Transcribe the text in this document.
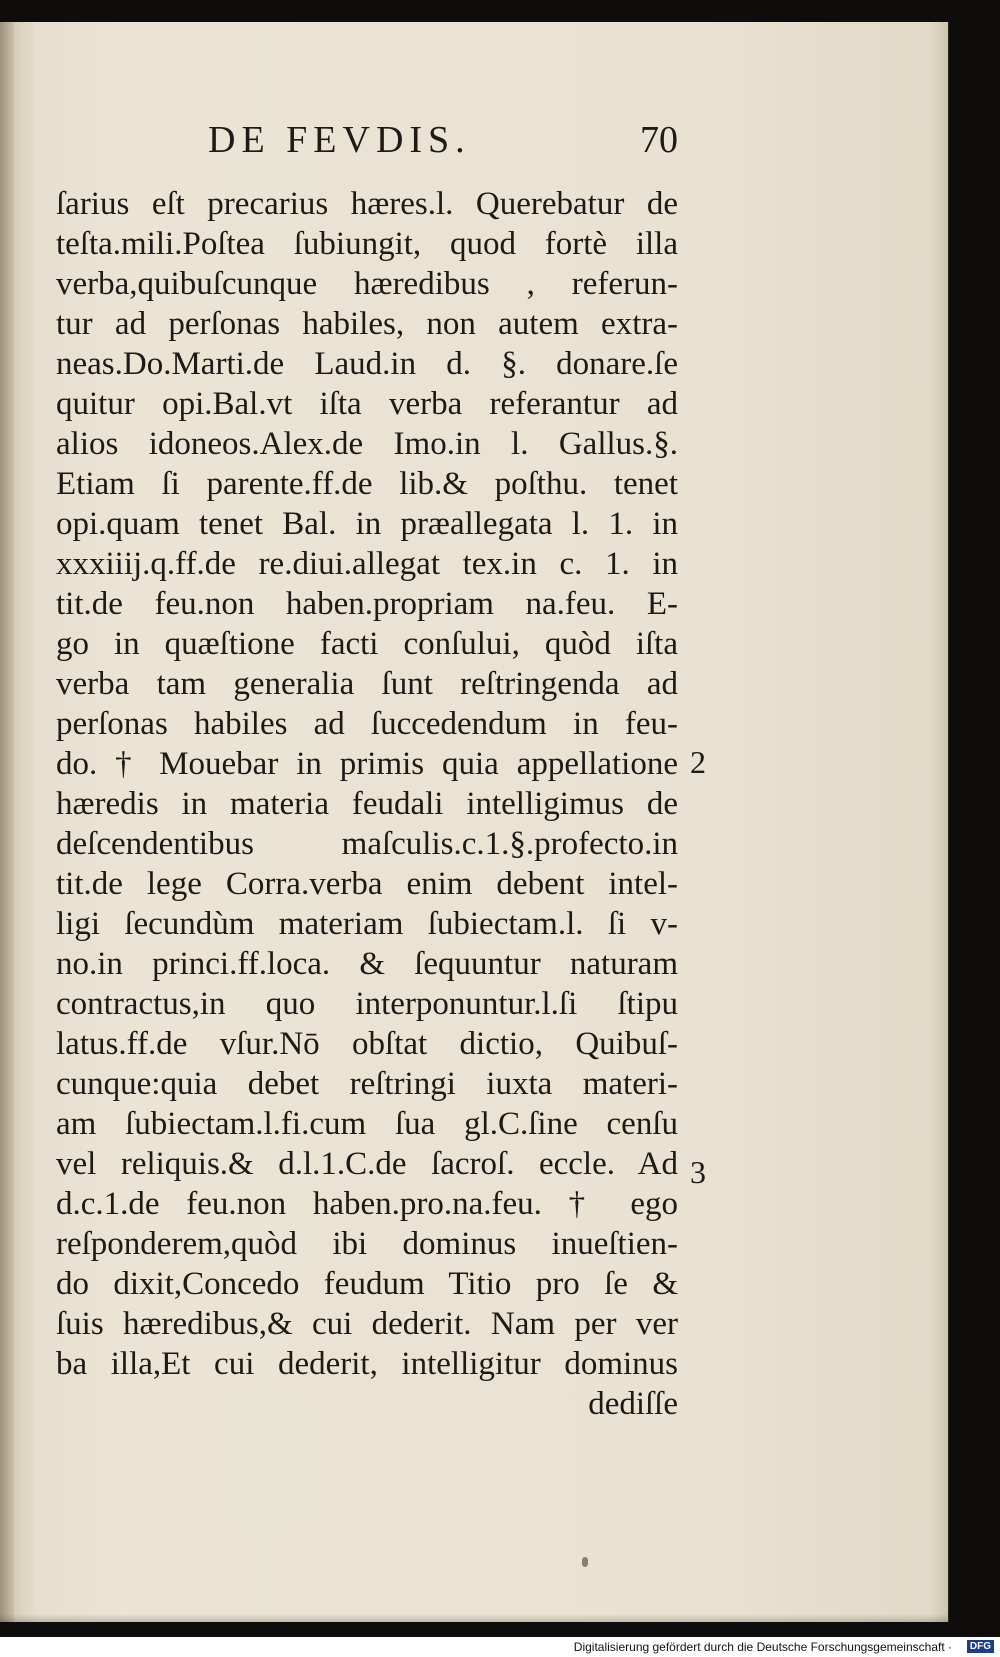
DE FEVDIS.	70
ſarius eſt precarius hæres.l. Querebatur de
teſta.mili.Poſtea ſubiungit, quod fortè illa
verba,quibuſcunque hæredibus , referun-
tur ad perſonas habiles, non autem extra-
neas.Do.Marti.de Laud.in d. §. donare.ſe
quitur opi.Bal.vt iſta verba referantur ad
alios idoneos.Alex.de Imo.in l. Gallus.§.
Etiam ſi parente.ff.de lib.& poſthu. tenet
opi.quam tenet Bal. in præallegata l. 1. in
xxxiiij.q.ff.de re.diui.allegat tex.in c. 1. in
tit.de feu.non haben.propriam na.feu. E-
go in quæſtione facti conſului, quòd iſta
verba tam generalia ſunt reſtringenda ad
perſonas habiles ad ſuccedendum in feu-
do. † Mouebar in primis quia appellatione
hæredis in materia feudali intelligimus de
deſcendentibus maſculis.c.1.§.profecto.in
tit.de lege Corra.verba enim debent intel-
ligi ſecundùm materiam ſubiectam.l. ſi v-
no.in princi.ff.loca. & ſequuntur naturam
contractus,in quo interponuntur.l.ſi ſtipu
latus.ff.de vſur.Nō obſtat dictio, Quibuſ-
cunque:quia debet reſtringi iuxta materi-
am ſubiectam.l.fi.cum ſua gl.C.ſine cenſu
vel reliquis.& d.l.1.C.de ſacroſ. eccle. Ad
d.c.1.de feu.non haben.pro.na.feu. † ego
reſponderem,quòd ibi dominus inueſtien-
do dixit,Concedo feudum Titio pro ſe &
ſuis hæredibus,& cui dederit. Nam per ver
ba illa,Et cui dederit, intelligitur dominus
dediſſe
2
3
Digitalisierung gefördert durch die Deutsche Forschungsgemeinschaft ·	DFG
